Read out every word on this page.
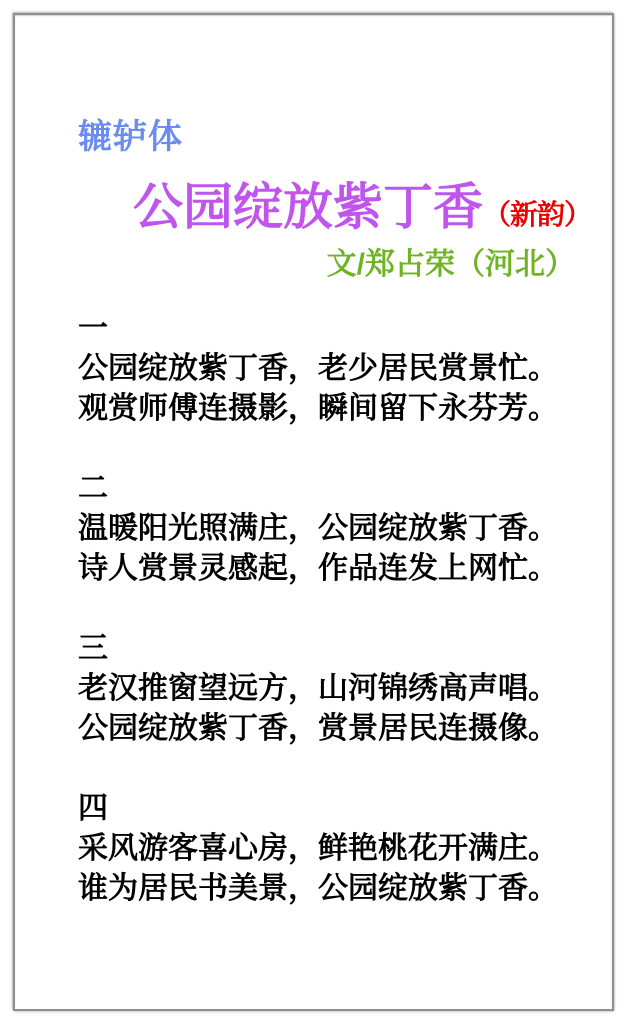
辘轳体
公园绽放紫丁香 （新韵）
文/郑占荣（河北）
一
公园绽放紫丁香，老少居民赏景忙。
观赏师傅连摄影，瞬间留下永芬芳。
二
温暖阳光照满庄，公园绽放紫丁香。
诗人赏景灵感起，作品连发上网忙。
三
老汉推窗望远方，山河锦绣高声唱。
公园绽放紫丁香，赏景居民连摄像。
四
采风游客喜心房，鲜艳桃花开满庄。
谁为居民书美景，公园绽放紫丁香。
